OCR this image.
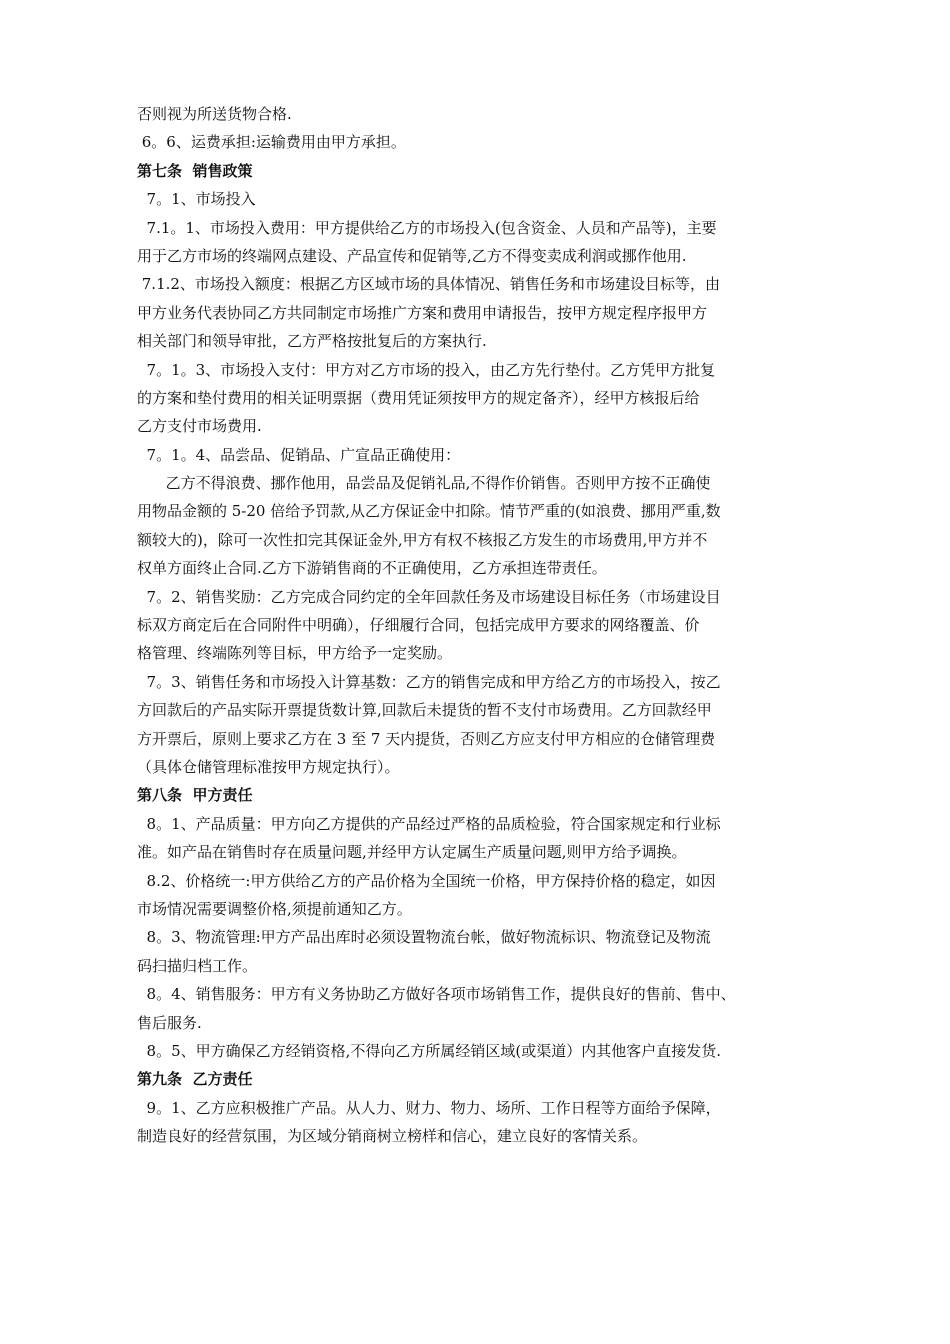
否则视为所送货物合格.
6。6、运费承担:运输费用由甲方承担。
第七条  销售政策
7。1、市场投入
7.1。1、市场投入费用：甲方提供给乙方的市场投入(包含资金、人员和产品等)，主要
用于乙方市场的终端网点建设、产品宣传和促销等,乙方不得变卖成利润或挪作他用.
7.1.2、市场投入额度：根据乙方区域市场的具体情况、销售任务和市场建设目标等，由
甲方业务代表协同乙方共同制定市场推广方案和费用申请报告，按甲方规定程序报甲方
相关部门和领导审批，乙方严格按批复后的方案执行.
7。1。3、市场投入支付：甲方对乙方市场的投入，由乙方先行垫付。乙方凭甲方批复
的方案和垫付费用的相关证明票据（费用凭证须按甲方的规定备齐），经甲方核报后给
乙方支付市场费用.
7。1。4、品尝品、促销品、广宣品正确使用：
乙方不得浪费、挪作他用，品尝品及促销礼品,不得作价销售。否则甲方按不正确使
用物品金额的 5-20 倍给予罚款,从乙方保证金中扣除。情节严重的(如浪费、挪用严重,数
额较大的)，除可一次性扣完其保证金外,甲方有权不核报乙方发生的市场费用,甲方并不
权单方面终止合同.乙方下游销售商的不正确使用，乙方承担连带责任。
7。2、销售奖励：乙方完成合同约定的全年回款任务及市场建设目标任务（市场建设目
标双方商定后在合同附件中明确），仔细履行合同，包括完成甲方要求的网络覆盖、价
格管理、终端陈列等目标，甲方给予一定奖励。
7。3、销售任务和市场投入计算基数：乙方的销售完成和甲方给乙方的市场投入，按乙
方回款后的产品实际开票提货数计算,回款后未提货的暂不支付市场费用。乙方回款经甲
方开票后，原则上要求乙方在 3 至 7 天内提货，否则乙方应支付甲方相应的仓储管理费
（具体仓储管理标准按甲方规定执行）。
第八条  甲方责任
8。1、产品质量：甲方向乙方提供的产品经过严格的品质检验，符合国家规定和行业标
准。如产品在销售时存在质量问题,并经甲方认定属生产质量问题,则甲方给予调换。
8.2、价格统一:甲方供给乙方的产品价格为全国统一价格，甲方保持价格的稳定，如因
市场情况需要调整价格,须提前通知乙方。
8。3、物流管理:甲方产品出库时必须设置物流台帐，做好物流标识、物流登记及物流
码扫描归档工作。
8。4、销售服务：甲方有义务协助乙方做好各项市场销售工作，提供良好的售前、售中、
售后服务.
8。5、甲方确保乙方经销资格,不得向乙方所属经销区域(或渠道）内其他客户直接发货.
第九条  乙方责任
9。1、乙方应积极推广产品。从人力、财力、物力、场所、工作日程等方面给予保障，
制造良好的经营氛围，为区域分销商树立榜样和信心，建立良好的客情关系。
